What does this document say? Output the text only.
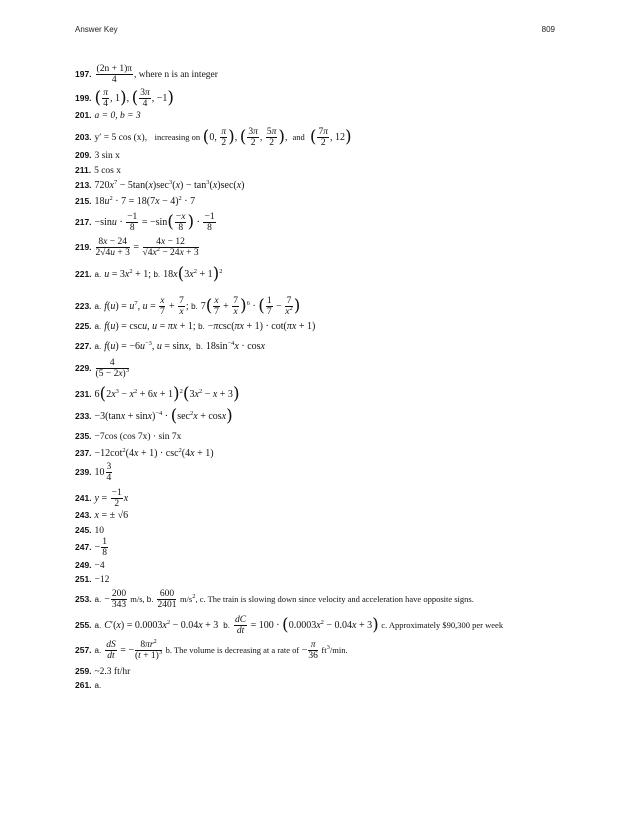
Answer Key	809
197. $\frac{(2n + 1)\pi}{4}$ , where n is an integer
199. ( $\frac{\pi}{4}$ , 1), ( $\frac{3\pi}{4}$ , −1)
201. a = 0, b = 3
203. y′ = 5 cos (x), increasing on (0, $\frac{\pi}{2}$ ), ( $\frac{3\pi}{2}$ , $\frac{5\pi}{2}$ ),  and ( $\frac{7\pi}{2}$ , 12)
209. 3 sin x
211. 5 cos x
213. $720x^7 - 5\tan(x)\sec^3(x) - \tan^3(x)\sec(x)$
215. $18u^2 \cdot 7 = 18(7x - 4)^2 \cdot 7$
217. $-\sin u \cdot \frac{-1}{8} = -\sin( \frac{-x}{8}$ ) · $\frac{-1}{8}$
219. $\frac{8x - 24}{2√4u + 3} = \frac{4x - 12}{√4x^2 - 24x + 3}$
221. a. $u = 3x^2 + 1$; b. $18x(3x^2 + 1)^2$
223. a. $f(u) = u^7$, $u = \frac{x}{7} + \frac{7}{x}$ ; b. $7( \frac{x}{7} + \frac{7}{x} )^6$ · ( $\frac{1}{7} - \frac{7}{x^2}$ )
225. a. f(u) = cscu, u = πx + 1; b. −πcsc(πx + 1) · cot(πx + 1)
227. a. $f(u) = -6u^{-3}$, u = sinx,  b. $18\sin^{-4}x \cdot \cos x$
229. $\frac{4}{(5 - 2x)^3}$
231. $6(2x^3 - x^2 + 6x + 1)^2(3x^2 - x + 3)$
233. $-3(\tan x + \sin x)^{-4} \cdot (\sec^2x + \cos x)$
235. −7cos (cos 7x) · sin 7x
237. $-12\cot^2(4x + 1) \cdot \csc^2(4x + 1)$
239. $10 \frac{3}{4}$
241. $y = \frac{-1}{2}$ x
243. x = ± √6
245. 10
247. − $\frac{1}{8}$
249. −4
251. −12
253. a. − $\frac{200}{343} m/s$, b. $\frac{600}{2401} m/s^2$, c. The train is slowing down since velocity and acceleration have opposite signs.
255. a. $C'(x) = 0.0003x^2 - 0.04x + 3$  b. $\frac{dC}{dt} = 100 \cdot (0.0003x^2 - 0.04x + 3)$ c. Approximately $90,300 per week
257. a. $\frac{dS}{dt}$ = − $\frac{8\pi r^2}{(t + 1)^3} b$. The volume is decreasing at a rate of − $\frac{\pi}{36} ft^3/\min$.
259. ~2.3 ft/hr
261. a.
